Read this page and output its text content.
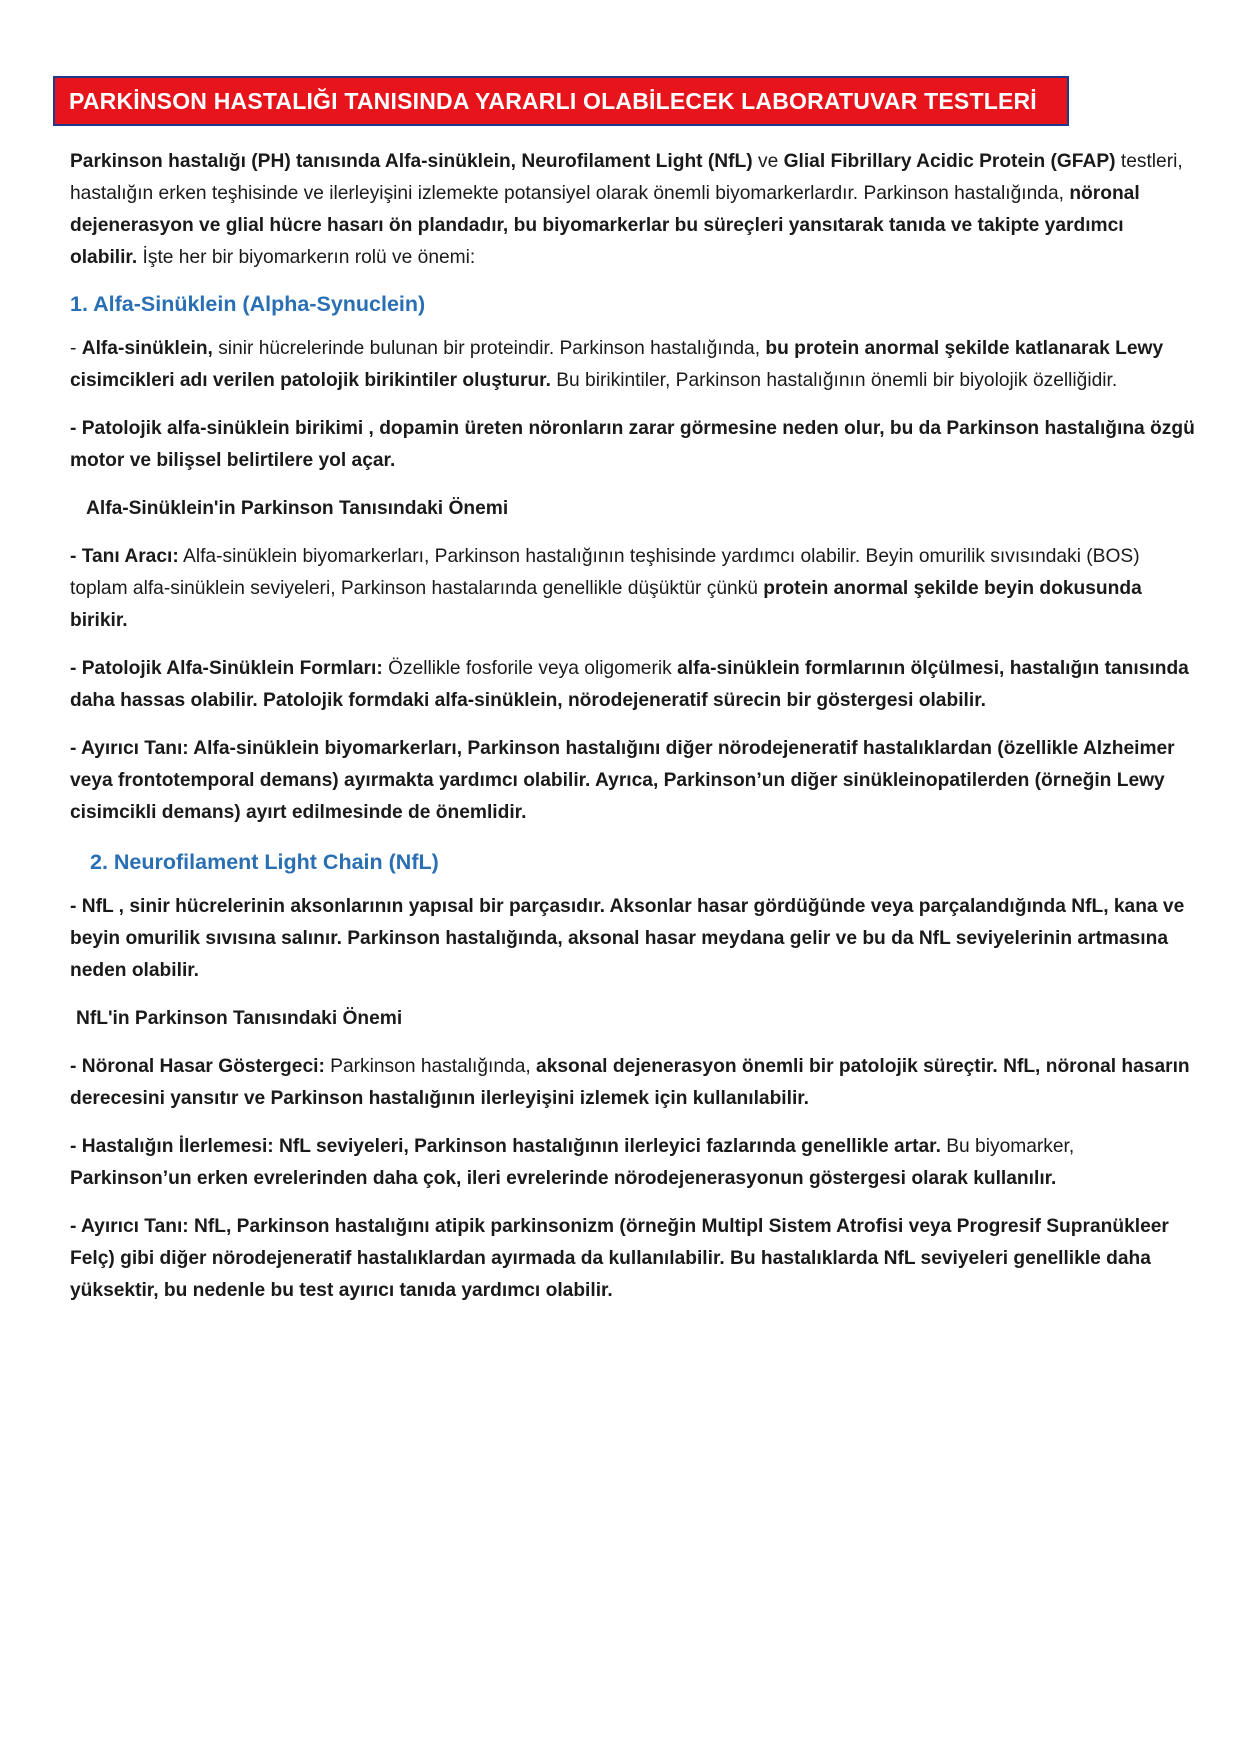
PARKİNSON HASTALIĞI TANISINDA YARARLI OLABİLECEK LABORATUVAR TESTLERİ

Parkinson hastalığı (PH) tanısında Alfa-sinüklein, Neurofilament Light (NfL) ve Glial Fibrillary Acidic Protein (GFAP) testleri, hastalığın erken teşhisinde ve ilerleyişini izlemekte potansiyel olarak önemli biyomarkerlardır. Parkinson hastalığında, nöronal dejenerasyon ve glial hücre hasarı ön plandadır, bu biyomarkerlar bu süreçleri yansıtarak tanıda ve takipte yardımcı olabilir. İşte her bir biyomarkerın rolü ve önemi:

1. Alfa-Sinüklein (Alpha-Synuclein)

- Alfa-sinüklein, sinir hücrelerinde bulunan bir proteindir. Parkinson hastalığında, bu protein anormal şekilde katlanarak Lewy cisimcikleri adı verilen patolojik birikintiler oluşturur. Bu birikintiler, Parkinson hastalığının önemli bir biyolojik özelliğidir.

- Patolojik alfa-sinüklein birikimi , dopamin üreten nöronların zarar görmesine neden olur, bu da Parkinson hastalığına özgü motor ve bilişsel belirtilere yol açar.

Alfa-Sinüklein'in Parkinson Tanısındaki Önemi

- Tanı Aracı: Alfa-sinüklein biyomarkerları, Parkinson hastalığının teşhisinde yardımcı olabilir. Beyin omurilik sıvısındaki (BOS) toplam alfa-sinüklein seviyeleri, Parkinson hastalarında genellikle düşüktür çünkü protein anormal şekilde beyin dokusunda birikir.

- Patolojik Alfa-Sinüklein Formları: Özellikle fosforile veya oligomerik alfa-sinüklein formlarının ölçülmesi, hastalığın tanısında daha hassas olabilir. Patolojik formdaki alfa-sinüklein, nörodejeneratif sürecin bir göstergesi olabilir.

- Ayırıcı Tanı: Alfa-sinüklein biyomarkerları, Parkinson hastalığını diğer nörodejeneratif hastalıklardan (özellikle Alzheimer veya frontotemporal demans) ayırmakta yardımcı olabilir. Ayrıca, Parkinson’un diğer sinükleinopatilerden (örneğin Lewy cisimcikli demans) ayırt edilmesinde de önemlidir.

2. Neurofilament Light Chain (NfL)

- NfL , sinir hücrelerinin aksonlarının yapısal bir parçasıdır. Aksonlar hasar gördüğünde veya parçalandığında NfL, kana ve beyin omurilik sıvısına salınır. Parkinson hastalığında, aksonal hasar meydana gelir ve bu da NfL seviyelerinin artmasına neden olabilir.

NfL'in Parkinson Tanısındaki Önemi

- Nöronal Hasar Göstergeci: Parkinson hastalığında, aksonal dejenerasyon önemli bir patolojik süreçtir. NfL, nöronal hasarın derecesini yansıtır ve Parkinson hastalığının ilerleyişini izlemek için kullanılabilir.

- Hastalığın İlerlemesi: NfL seviyeleri, Parkinson hastalığının ilerleyici fazlarında genellikle artar. Bu biyomarker, Parkinson’un erken evrelerinden daha çok, ileri evrelerinde nörodejenerasyonun göstergesi olarak kullanılır.

- Ayırıcı Tanı: NfL, Parkinson hastalığını atipik parkinsonizm (örneğin Multipl Sistem Atrofisi veya Progresif Supranükleer Felç) gibi diğer nörodejeneratif hastalıklardan ayırmada da kullanılabilir. Bu hastalıklarda NfL seviyeleri genellikle daha yüksektir, bu nedenle bu test ayırıcı tanıda yardımcı olabilir.
